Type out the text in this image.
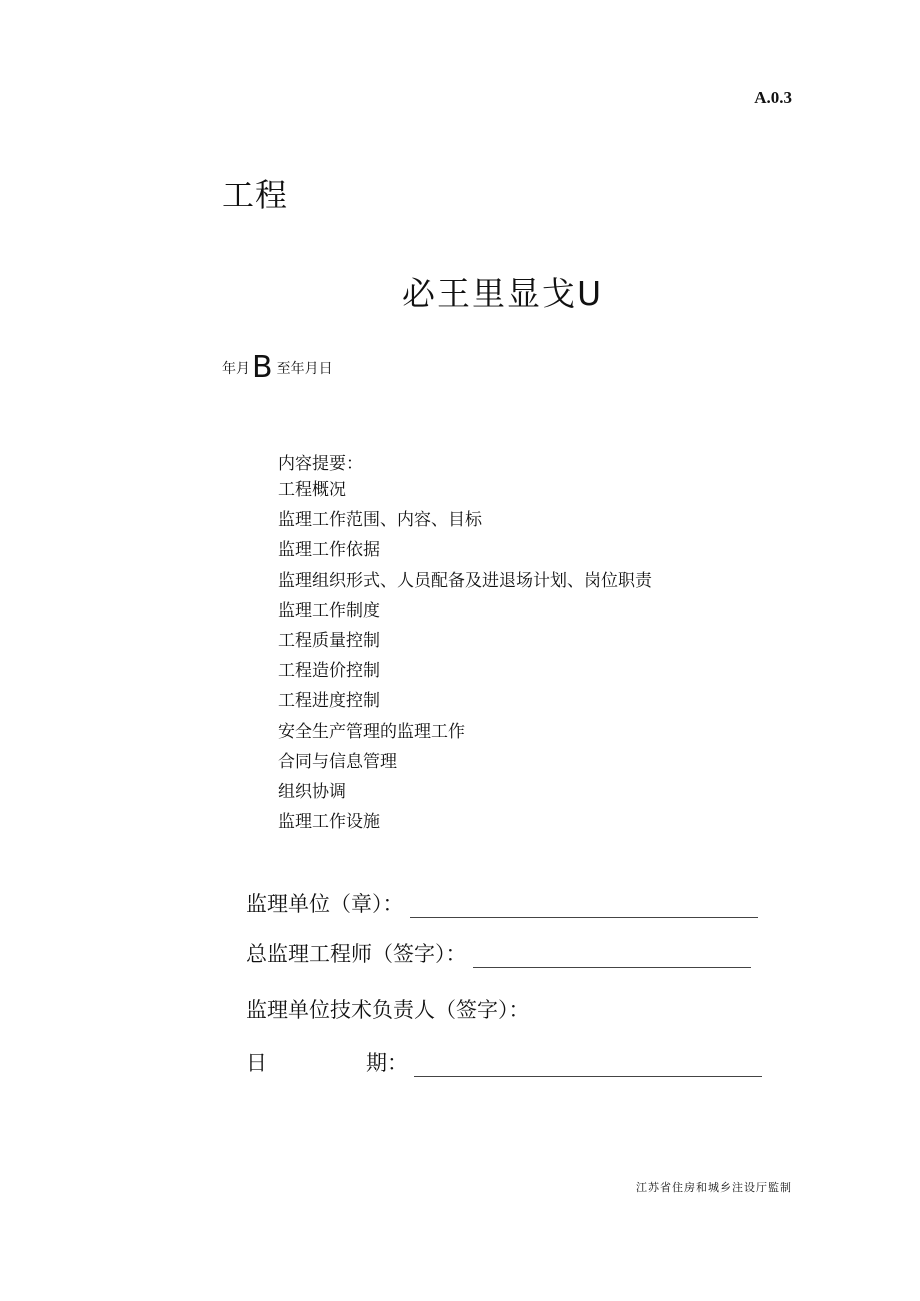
A.0.3
工程
必王里显戈U
年月B 至年月日
内容提要：
工程概况
监理工作范围、内容、目标
监理工作依据
监理组织形式、人员配备及进退场计划、岗位职责
监理工作制度
工程质量控制
工程造价控制
工程进度控制
安全生产管理的监理工作
合同与信息管理
组织协调
监理工作设施
监理单位（章）：
总监理工程师（签字）：
监理单位技术负责人（签字）：
日	期：
江苏省住房和城乡注设厅監制
